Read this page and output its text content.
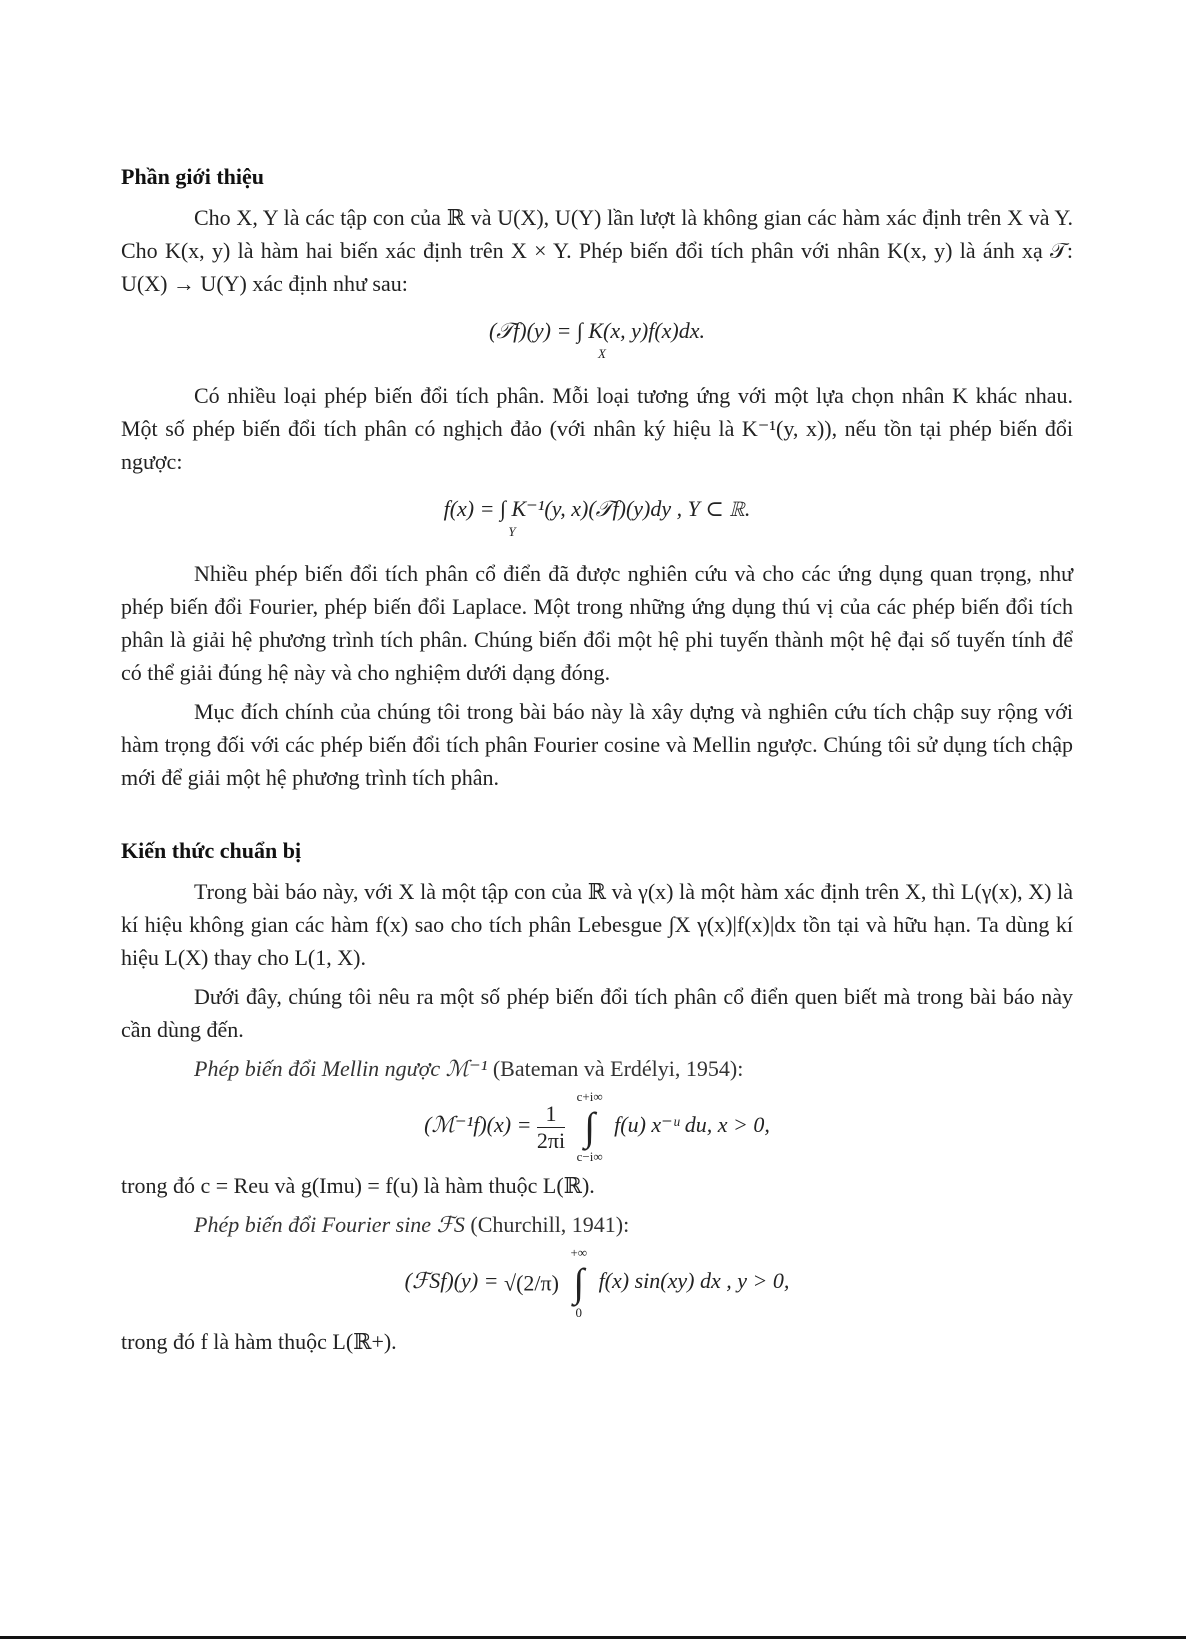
Phần giới thiệu

Cho X, Y là các tập con của ℝ và U(X), U(Y) lần lượt là không gian các hàm xác định trên X và Y. Cho K(x, y) là hàm hai biến xác định trên X × Y. Phép biến đổi tích phân với nhân K(x, y) là ánh xạ 𝒯: U(X) → U(Y) xác định như sau:

(𝒯f)(y) = ∫ K(x, y)f(x)dx.
X

Có nhiều loại phép biến đổi tích phân. Mỗi loại tương ứng với một lựa chọn nhân K khác nhau. Một số phép biến đổi tích phân có nghịch đảo (với nhân ký hiệu là K⁻¹(y, x)), nếu tồn tại phép biến đổi ngược:

f(x) = ∫ K⁻¹(y, x)(𝒯f)(y)dy , Y ⊂ ℝ.
Y

Nhiều phép biến đổi tích phân cổ điển đã được nghiên cứu và cho các ứng dụng quan trọng, như phép biến đổi Fourier, phép biến đổi Laplace. Một trong những ứng dụng thú vị của các phép biến đổi tích phân là giải hệ phương trình tích phân. Chúng biến đổi một hệ phi tuyến thành một hệ đại số tuyến tính để có thể giải đúng hệ này và cho nghiệm dưới dạng đóng.

Mục đích chính của chúng tôi trong bài báo này là xây dựng và nghiên cứu tích chập suy rộng với hàm trọng đối với các phép biến đổi tích phân Fourier cosine và Mellin ngược. Chúng tôi sử dụng tích chập mới để giải một hệ phương trình tích phân.

Kiến thức chuẩn bị

Trong bài báo này, với X là một tập con của ℝ và γ(x) là một hàm xác định trên X, thì L(γ(x), X) là kí hiệu không gian các hàm f(x) sao cho tích phân Lebesgue ∫X γ(x)|f(x)|dx tồn tại và hữu hạn. Ta dùng kí hiệu L(X) thay cho L(1, X).

Dưới đây, chúng tôi nêu ra một số phép biến đổi tích phân cổ điển quen biết mà trong bài báo này cần dùng đến.

Phép biến đổi Mellin ngược ℳ⁻¹ (Bateman và Erdélyi, 1954):

(ℳ⁻¹f)(x) = $\frac{1}{2\pi i}$

c+i∞
∫
c−i∞
f(u) x⁻ᵘ du, x > 0,

trong đó c = Reu và g(Imu) = f(u) là hàm thuộc L(ℝ).

Phép biến đổi Fourier sine ℱS (Churchill, 1941):

(ℱSf)(y) = √(2/π)
+∞
∫
0
f(x) sin(xy) dx , y > 0,

trong đó f là hàm thuộc L(ℝ+).
